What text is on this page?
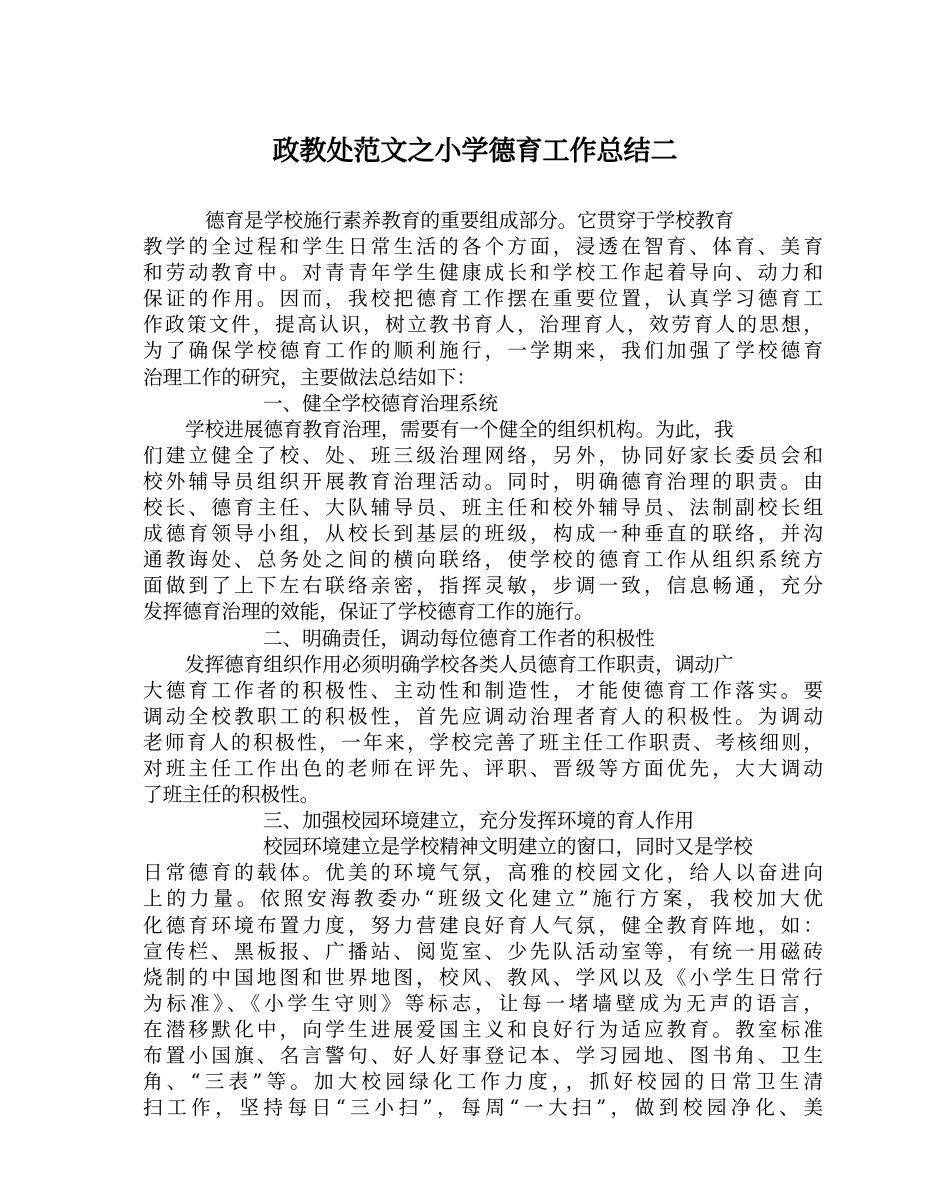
政教处范文之小学德育工作总结二
德育是学校施行素养教育的重要组成部分。它贯穿于学校教育
教学的全过程和学生日常生活的各个方面，浸透在智育、体育、美育
和劳动教育中。对青青年学生健康成长和学校工作起着导向、动力和
保证的作用。因而，我校把德育工作摆在重要位置，认真学习德育工
作政策文件，提高认识，树立教书育人，治理育人，效劳育人的思想，
为了确保学校德育工作的顺利施行，一学期来，我们加强了学校德育
治理工作的研究，主要做法总结如下：
一、健全学校德育治理系统
学校进展德育教育治理，需要有一个健全的组织机构。为此，我
们建立健全了校、处、班三级治理网络，另外，协同好家长委员会和
校外辅导员组织开展教育治理活动。同时，明确德育治理的职责。由
校长、德育主任、大队辅导员、班主任和校外辅导员、法制副校长组
成德育领导小组，从校长到基层的班级，构成一种垂直的联络，并沟
通教诲处、总务处之间的横向联络，使学校的德育工作从组织系统方
面做到了上下左右联络亲密，指挥灵敏，步调一致，信息畅通，充分
发挥德育治理的效能，保证了学校德育工作的施行。
二、明确责任，调动每位德育工作者的积极性
发挥德育组织作用必须明确学校各类人员德育工作职责，调动广
大德育工作者的积极性、主动性和制造性，才能使德育工作落实。要
调动全校教职工的积极性，首先应调动治理者育人的积极性。为调动
老师育人的积极性，一年来，学校完善了班主任工作职责、考核细则，
对班主任工作出色的老师在评先、评职、晋级等方面优先，大大调动
了班主任的积极性。
三、加强校园环境建立，充分发挥环境的育人作用
校园环境建立是学校精神文明建立的窗口，同时又是学校
日常德育的载体。优美的环境气氛，高雅的校园文化，给人以奋进向
上的力量。依照安海教委办“班级文化建立”施行方案，我校加大优
化德育环境布置力度，努力营建良好育人气氛，健全教育阵地，如：
宣传栏、黑板报、广播站、阅览室、少先队活动室等，有统一用磁砖
烧制的中国地图和世界地图，校风、教风、学风以及《小学生日常行
为标准》、《小学生守则》等标志，让每一堵墙壁成为无声的语言，
在潜移默化中，向学生进展爱国主义和良好行为适应教育。教室标准
布置小国旗、名言警句、好人好事登记本、学习园地、图书角、卫生
角、“三表”等。加大校园绿化工作力度，，抓好校园的日常卫生清
扫工作，坚持每日“三小扫”，每周“一大扫”，做到校园净化、美
